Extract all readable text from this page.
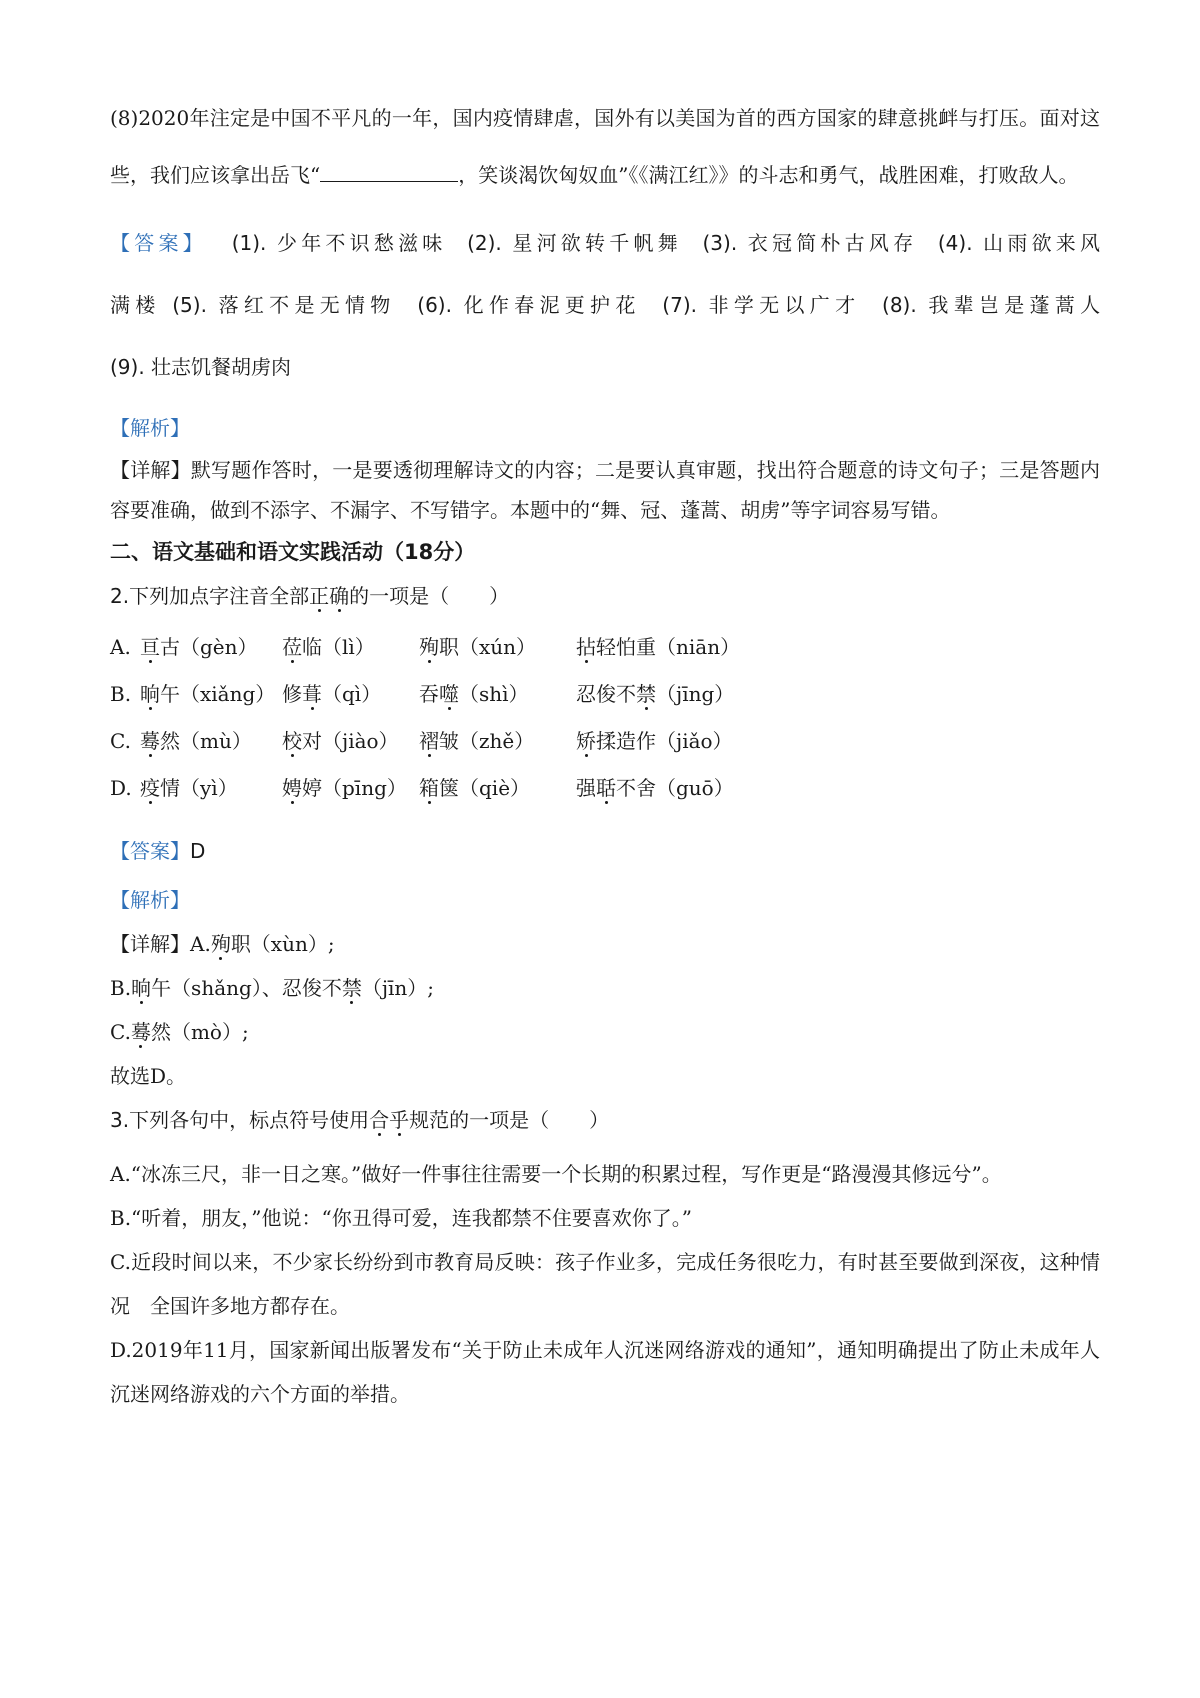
(8)2020年注定是中国不平凡的一年，国内疫情肆虐，国外有以美国为首的西方国家的肆意挑衅与打压。面对这些，我们应该拿出岳飞“	，笑谈渴饮匈奴血”《《满江红》》的斗志和勇气，战胜困难，打败敌人。

【答案】　 (1). 少年不识愁滋味 (2). 星河欲转千帆舞 (3). 衣冠简朴古风存 (4). 山雨欲来风

满楼 (5). 落红不是无情物 (6). 化作春泥更护花 (7). 非学无以广才 (8). 我辈岂是蓬蒿人

(9). 壮志饥餐胡虏肉

【解析】

【详解】默写题作答时，一是要透彻理解诗文的内容；二是要认真审题，找出符合题意的诗文句子；三是答题内容要准确，做到不添字、不漏字、不写错字。本题中的“舞、冠、蓬蒿、胡虏”等字词容易写错。

二、语文基础和语文实践活动（18分）

2.下列加点字注音全部正确的一项是（　　）

A. 亘古（gèn）	莅临（lì）	殉职（xún）	拈轻怕重（niān）
B. 晌午（xiǎng） 修葺（qì）	吞噬（shì）	忍俊不禁（jīng）
C. 蓦然（mù）	校对（jiào）	褶皱（zhě）	矫揉造作（jiǎo）
D. 疫情（yì）	娉婷（pīng） 箱箧（qiè）	强聒不舍（guō）

【答案】D

【解析】

【详解】A.殉职（xùn）;

B.晌午（shǎng）、忍俊不禁（jīn）;

C.蓦然（mò）;

故选D。

3.下列各句中，标点符号使用合乎规范的一项是（　　）

A.“冰冻三尺，非一日之寒。”做好一件事往往需要一个长期的积累过程，写作更是“路漫漫其修远兮”。

B.“听着，朋友，”他说：“你丑得可爱，连我都禁不住要喜欢你了。”

C.近段时间以来，不少家长纷纷到市教育局反映：孩子作业多，完成任务很吃力，有时甚至要做到深夜，这种情况　全国许多地方都存在。

D.2019年11月，国家新闻出版署发布“关于防止未成年人沉迷网络游戏的通知”，通知明确提出了防止未成年人沉迷网络游戏的六个方面的举措。
